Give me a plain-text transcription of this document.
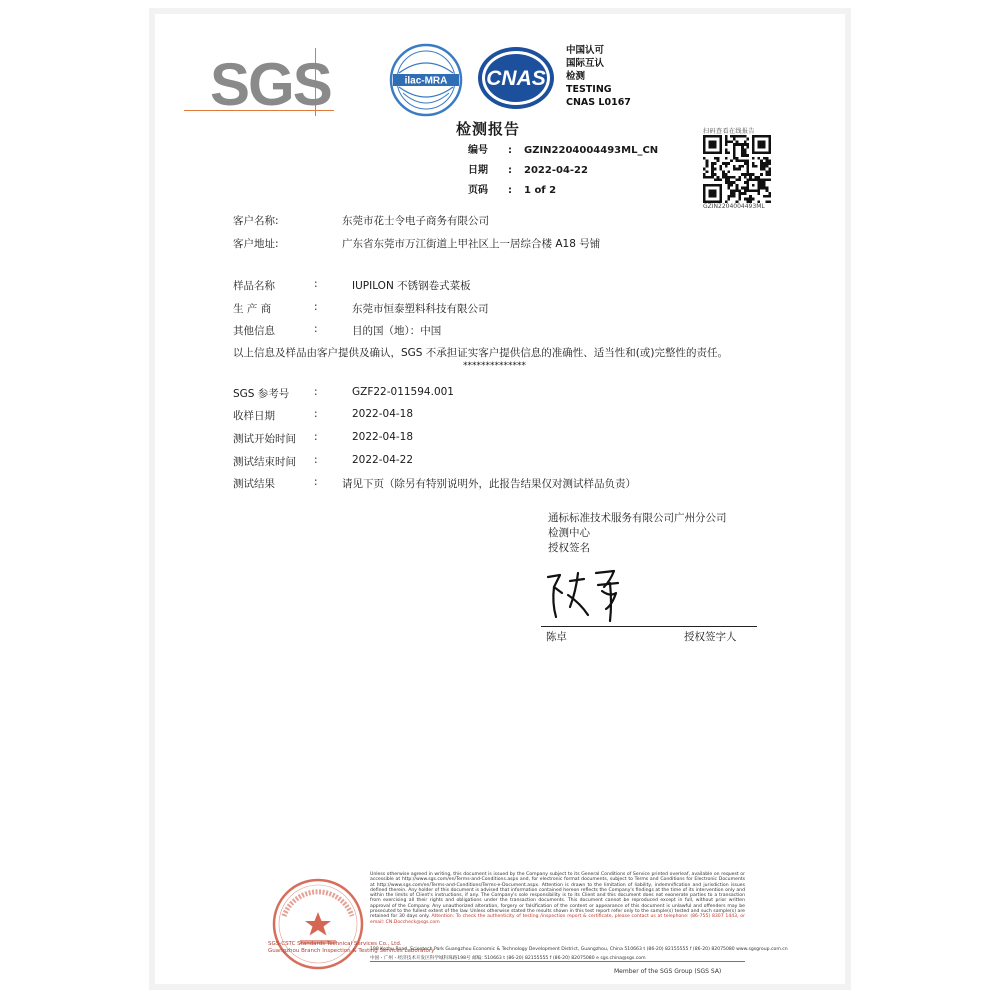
SGS	ilac-MRA CNAS
中国认可
国际互认
检测
TESTING
CNAS L0167
检测报告
编号 : GZIN2204004493ML_CN
日期 : 2022-04-22
页码 : 1 of 2
扫码查看在线报告
GZIN2204004493ML
客户名称:	东莞市花士令电子商务有限公司
客户地址:	广东省东莞市万江街道上甲社区上一居综合楼 A18 号铺
样品名称	:	IUPILON 不锈钢卷式菜板
生 产 商	:	东莞市恒泰塑料科技有限公司
其他信息	:	目的国（地）：中国
以上信息及样品由客户提供及确认，SGS 不承担证实客户提供信息的准确性、适当性和(或)完整性的责任。
**************
SGS 参考号 :	GZF22-011594.001
收样日期	:	2022-04-18
测试开始时间 :	2022-04-18
测试结束时间 :	2022-04-22
测试结果	: 请见下页（除另有特别说明外，此报告结果仅对测试样品负责）
通标标准技术服务有限公司广州分公司
检测中心
授权签名
陈卓	授权签字人
SGS-CSTC Standards Technical Services Co., Ltd.
Guangzhou Branch Inspection & Testing Services Laboratory
Unless otherwise agreed in writing, this document is issued by the Company subject to its General Conditions of Service printed overleaf, available on request or accessible at http://www.sgs.com/en/Terms-and-Conditions.aspx and, for electronic format documents, subject to Terms and Conditions for Electronic Documents at http://www.sgs.com/en/Terms-and-Conditions/Terms-e-Document.aspx. Attention is drawn to the limitation of liability, indemnification and jurisdiction issues defined therein. Any holder of this document is advised that information contained hereon reflects the Company's findings at the time of its intervention only and within the limits of Client's instructions, if any. The Company's sole responsibility is to its Client and this document does not exonerate parties to a transaction from exercising all their rights and obligations under the transaction documents. This document cannot be reproduced except in full, without prior written approval of the Company. Any unauthorized alteration, forgery or falsification of the content or appearance of this document is unlawful and offenders may be prosecuted to the fullest extent of the law. Unless otherwise stated the results shown in this test report refer only to the sample(s) tested and such sample(s) are retained for 30 days only. Attention: To check the authenticity of testing /inspection report & certificate, please contact us at telephone: (86-755) 8307 1443, or email: CN.Doccheck@sgs.com
198 Kezhu Road, Scientech Park Guangzhou Economic & Technology Development District, Guangzhou, China 510663 t (86-20) 82155555 f (86-20) 82075080 www.sgsgroup.com.cn
中国・广州・经济技术开发区科学城科珠路198号 邮编: 510663 t (86-20) 82155555 f (86-20) 82075080 e sgs.china@sgs.com
Member of the SGS Group (SGS SA)
